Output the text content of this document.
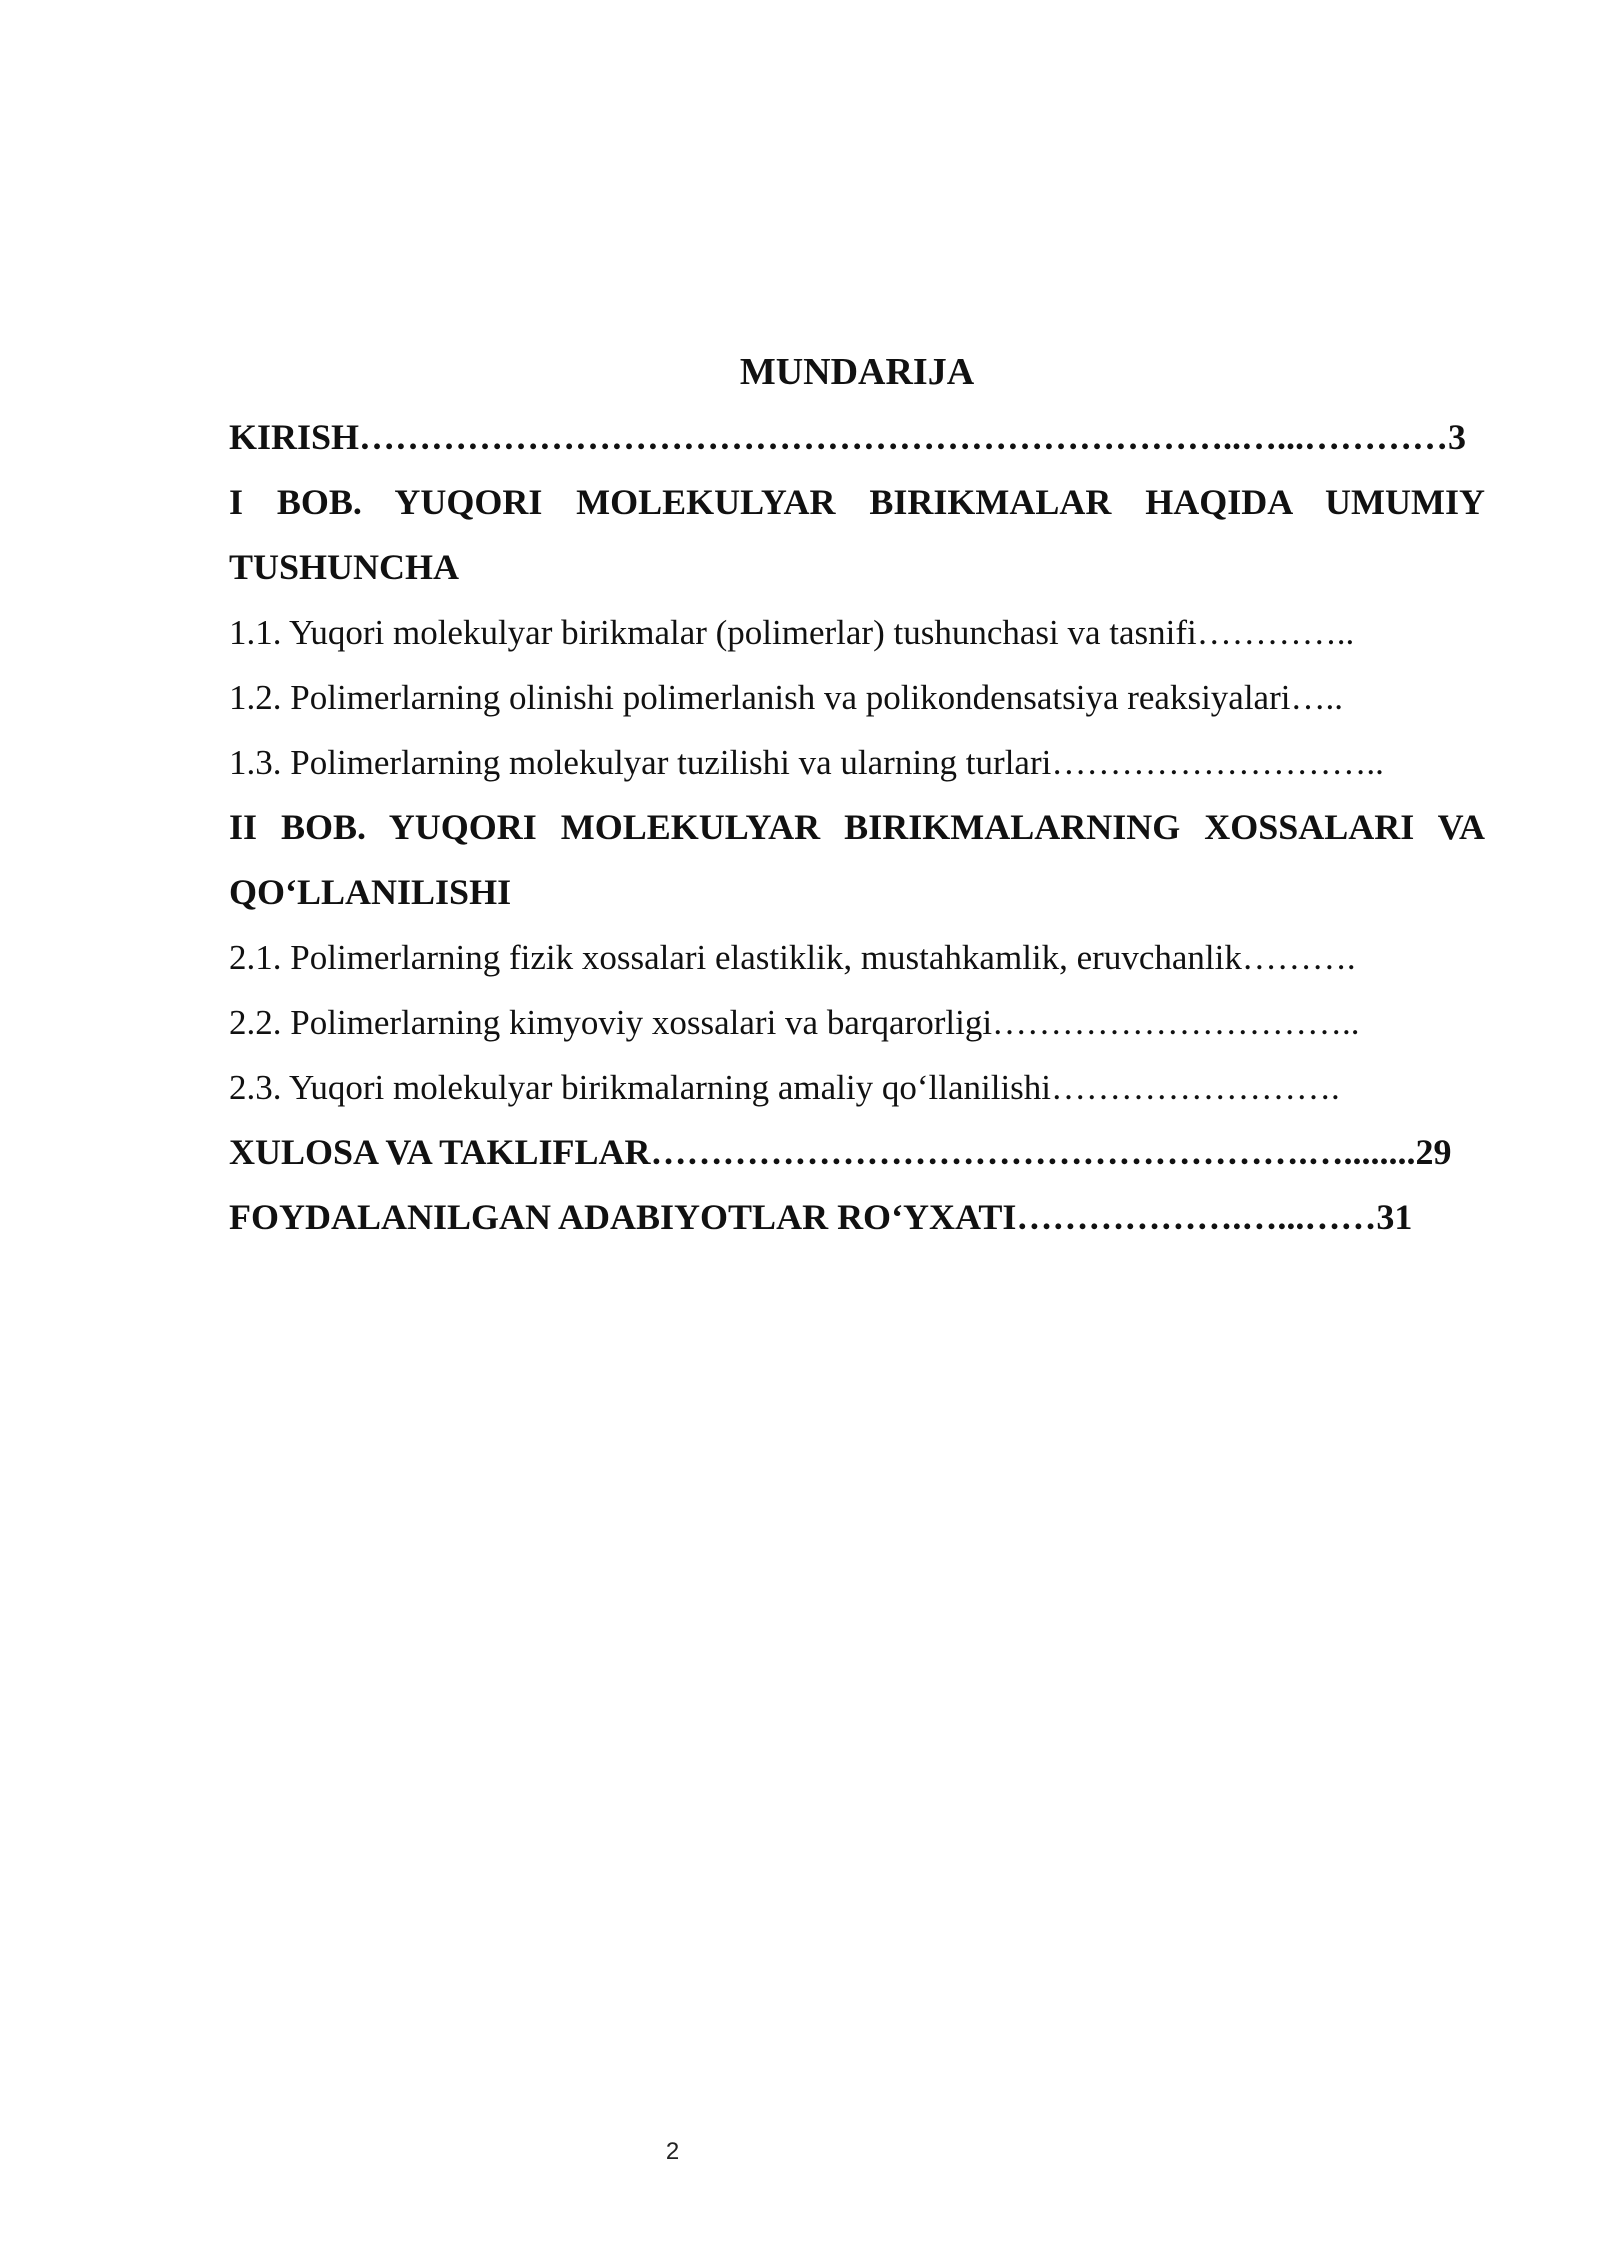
MUNDARIJA
KIRISH………………………………………………………………..…...…………3
I BOB. YUQORI MOLEKULYAR BIRIKMALAR HAQIDA UMUMIY
TUSHUNCHA
1.1. Yuqori molekulyar birikmalar (polimerlar) tushunchasi va tasnifi…………..
1.2. Polimerlarning olinishi polimerlanish va polikondensatsiya reaksiyalari…..
1.3. Polimerlarning molekulyar tuzilishi va ularning turlari………………………..
II BOB. YUQORI MOLEKULYAR BIRIKMALARNING XOSSALARI VA
QO‘LLANILISHI
2.1. Polimerlarning fizik xossalari elastiklik, mustahkamlik, eruvchanlik……….
2.2. Polimerlarning kimyoviy xossalari va barqarorligi…………………………..
2.3. Yuqori molekulyar birikmalarning amaliy qo‘llanilishi…………………….
XULOSA VA TAKLIFLAR……………………………………………….…........29
FOYDALANILGAN ADABIYOTLAR RO‘YXATI……………….…...……31
2
